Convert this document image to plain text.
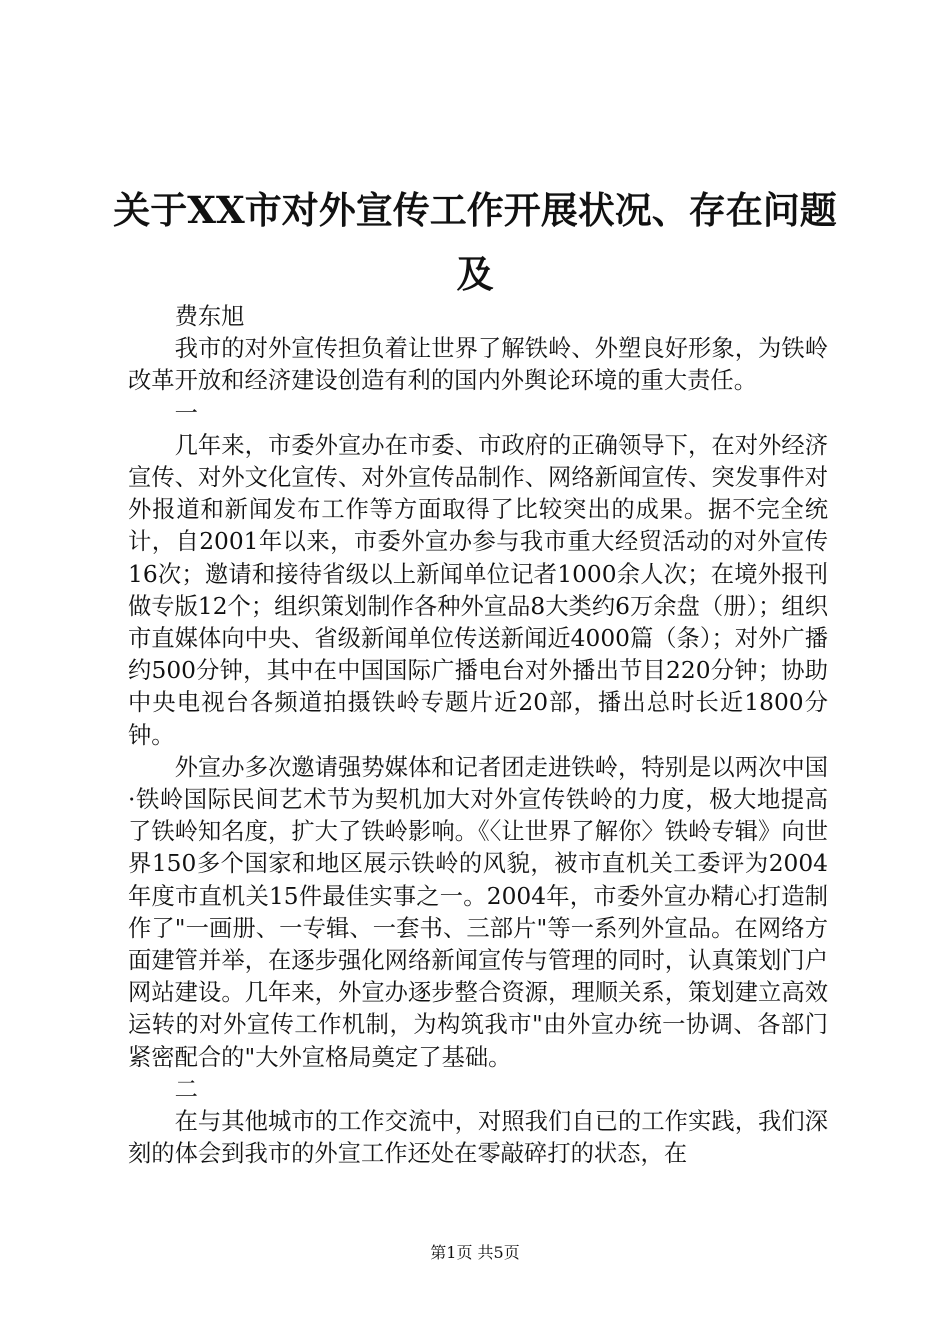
关于XX市对外宣传工作开展状况、存在问题及

费东旭

我市的对外宣传担负着让世界了解铁岭、外塑良好形象，为铁岭改革开放和经济建设创造有利的国内外舆论环境的重大责任。

一

几年来，市委外宣办在市委、市政府的正确领导下，在对外经济宣传、对外文化宣传、对外宣传品制作、网络新闻宣传、突发事件对外报道和新闻发布工作等方面取得了比较突出的成果。据不完全统计，自2001年以来，市委外宣办参与我市重大经贸活动的对外宣传16次；邀请和接待省级以上新闻单位记者1000余人次；在境外报刊做专版12个；组织策划制作各种外宣品8大类约6万余盘（册）；组织市直媒体向中央、省级新闻单位传送新闻近4000篇（条）；对外广播约500分钟，其中在中国国际广播电台对外播出节目220分钟；协助中央电视台各频道拍摄铁岭专题片近20部，播出总时长近1800分钟。

外宣办多次邀请强势媒体和记者团走进铁岭，特别是以两次中国·铁岭国际民间艺术节为契机加大对外宣传铁岭的力度，极大地提高了铁岭知名度，扩大了铁岭影响。《〈让世界了解你〉铁岭专辑》向世界150多个国家和地区展示铁岭的风貌，被市直机关工委评为2004年度市直机关15件最佳实事之一。2004年，市委外宣办精心打造制作了"一画册、一专辑、一套书、三部片"等一系列外宣品。在网络方面建管并举，在逐步强化网络新闻宣传与管理的同时，认真策划门户网站建设。几年来，外宣办逐步整合资源，理顺关系，策划建立高效运转的对外宣传工作机制，为构筑我市"由外宣办统一协调、各部门紧密配合的"大外宣格局奠定了基础。

二

在与其他城市的工作交流中，对照我们自已的工作实践，我们深刻的体会到我市的外宣工作还处在零敲碎打的状态，在

第1页 共5页
